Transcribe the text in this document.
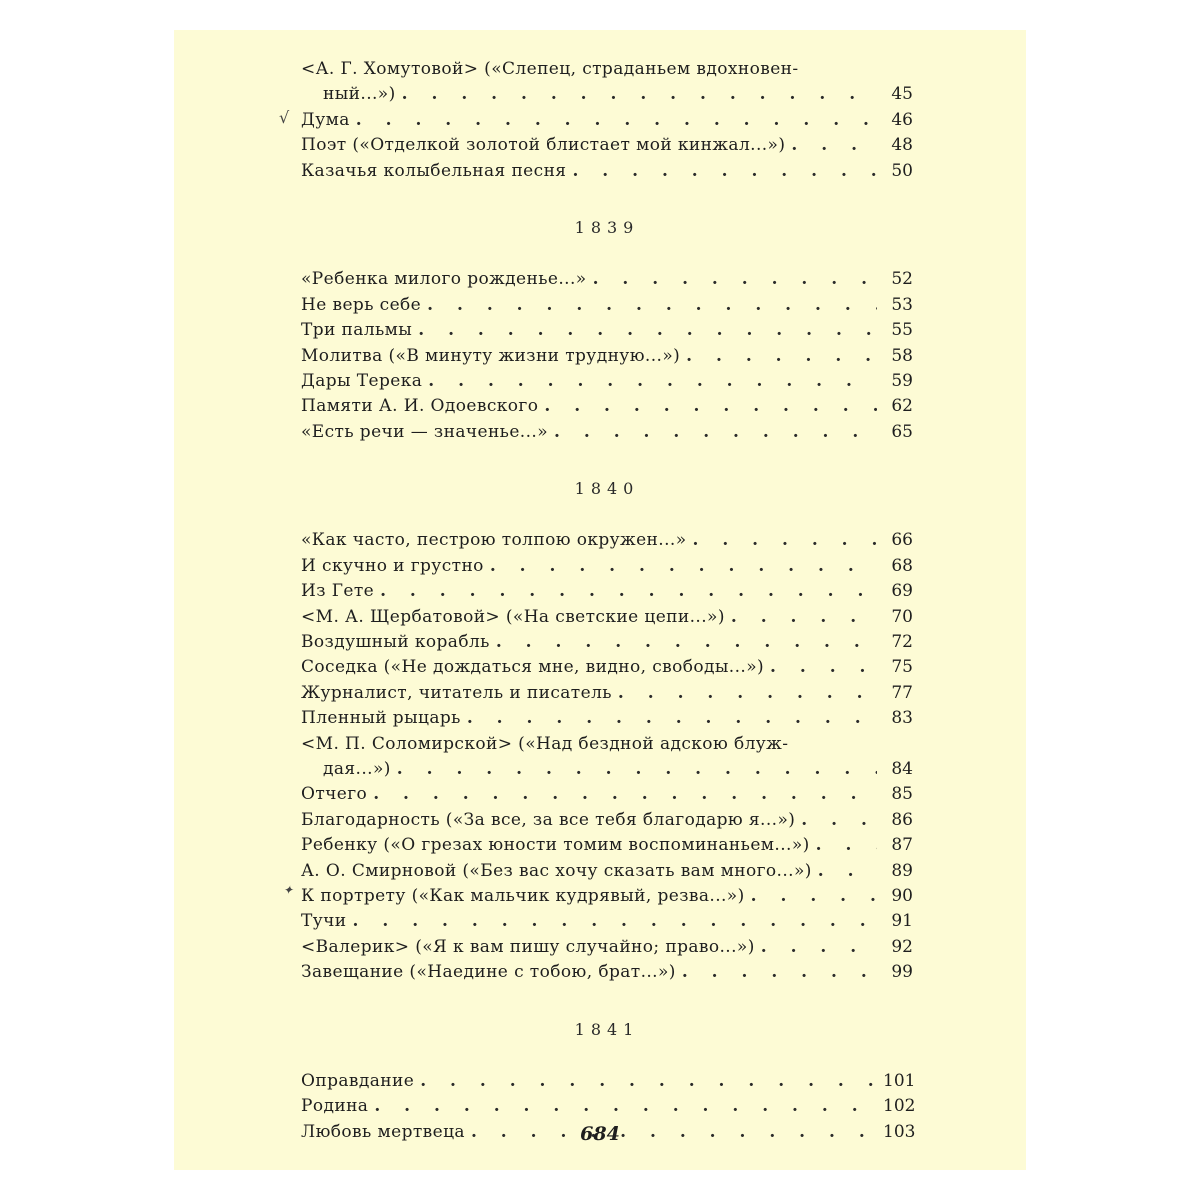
√
✦
<А. Г. Хомутовой> («Слепец, страданьем вдохновен-
ный...») . . .	45
Дума . . .	46
Поэт («Отделкой золотой блистает мой кинжал...») . . .	48
Казачья колыбельная песня . . .	50
1839
«Ребенка милого рожденье...» . . .	52
Не верь себе . . .	53
Три пальмы . . .	55
Молитва («В минуту жизни трудную...») . . .	58
Дары Терека . . .	59
Памяти А. И. Одоевского . . .	62
«Есть речи — значенье...» . . .	65
1840
«Как часто, пестрою толпою окружен...» . . .	66
И скучно и грустно . . .	68
Из Гете . . .	69
<М. А. Щербатовой> («На светские цепи...») . . .	70
Воздушный корабль . . .	72
Соседка («Не дождаться мне, видно, свободы...») . . .	75
Журналист, читатель и писатель . . .	77
Пленный рыцарь . . .	83
<М. П. Соломирской> («Над бездной адскою блуж-
дая...») . . .	84
Отчего . . .	85
Благодарность («За все, за все тебя благодарю я...») . . .	86
Ребенку («О грезах юности томим воспоминаньем...») . . .	87
А. О. Смирновой («Без вас хочу сказать вам много...») . . .	89
К портрету («Как мальчик кудрявый, резва...») . . .	90
Тучи . . .	91
<Валерик> («Я к вам пишу случайно; право...») . . .	92
Завещание («Наедине с тобою, брат...») . . .	99
1841
Оправдание . . .	101
Родина . . .	102
Любовь мертвеца . . .	103
684
